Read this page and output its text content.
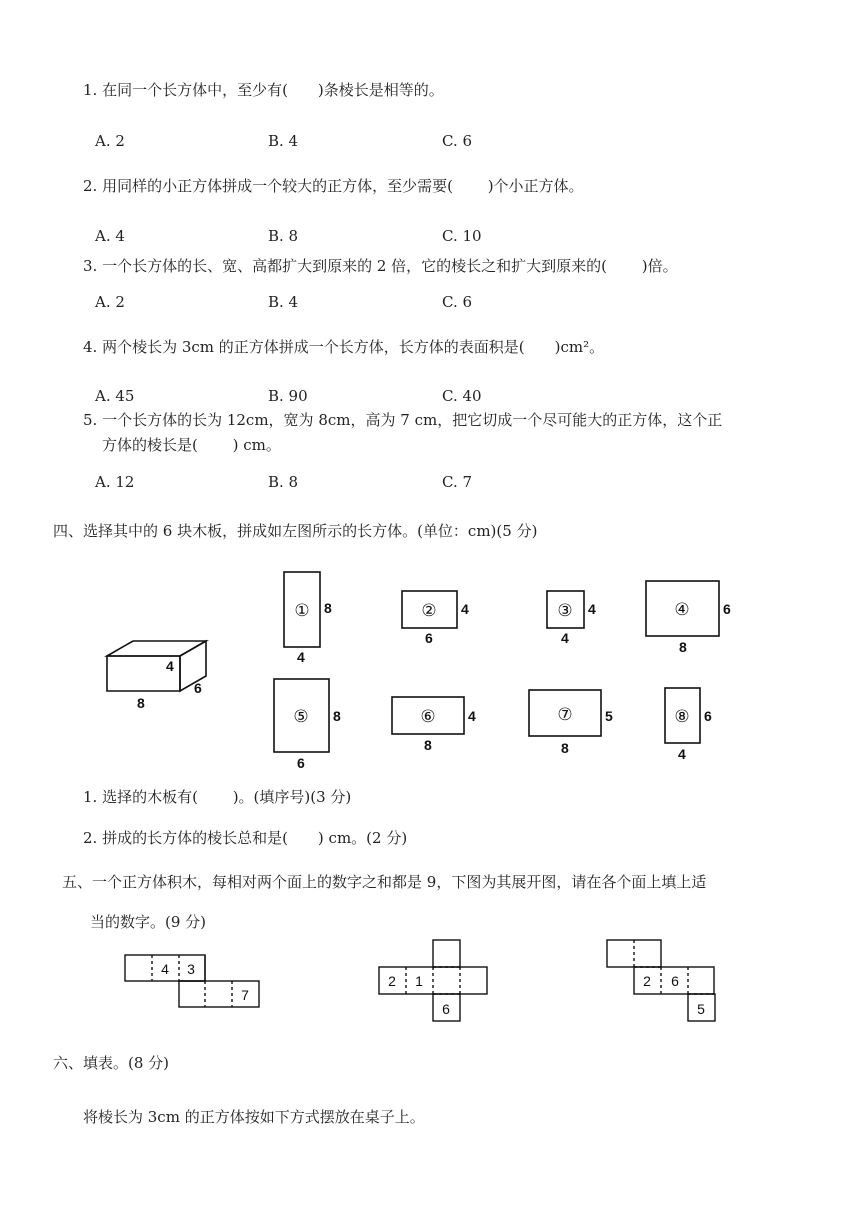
1. 在同一个长方体中，至少有(　　)条棱长是相等的。
A. 2	B. 4	C. 6
2. 用同样的小正方体拼成一个较大的正方体，至少需要(　　 )个小正方体。
A. 4	B. 8	C. 10
3. 一个长方体的长、宽、高都扩大到原来的 2 倍，它的棱长之和扩大到原来的(　　 )倍。
A. 2	B. 4	C. 6
4. 两个棱长为 3cm 的正方体拼成一个长方体，长方体的表面积是(　　)cm²。
A. 45	B. 90	C. 40
5. 一个长方体的长为 12cm，宽为 8cm，高为 7 cm，把它切成一个尽可能大的正方体，这个正
方体的棱长是(　　 ) cm。
A. 12	B. 8	C. 7
四、选择其中的 6 块木板，拼成如左图所示的长方体。(单位：cm)(5 分)
4
8
6
8
4
4
6
4
4
6
8
8
6
4
8
5
8
6
4
①	②	③	④
⑤	⑥	⑦	⑧
4 3
7
2 1
6
2 6
5
1. 选择的木板有(　　 )。(填序号)(3 分)
2. 拼成的长方体的棱长总和是(　　) cm。(2 分)
五、一个正方体积木，每相对两个面上的数字之和都是 9，下图为其展开图，请在各个面上填上适
当的数字。(9 分)
六、填表。(8 分)
将棱长为 3cm 的正方体按如下方式摆放在桌子上。
